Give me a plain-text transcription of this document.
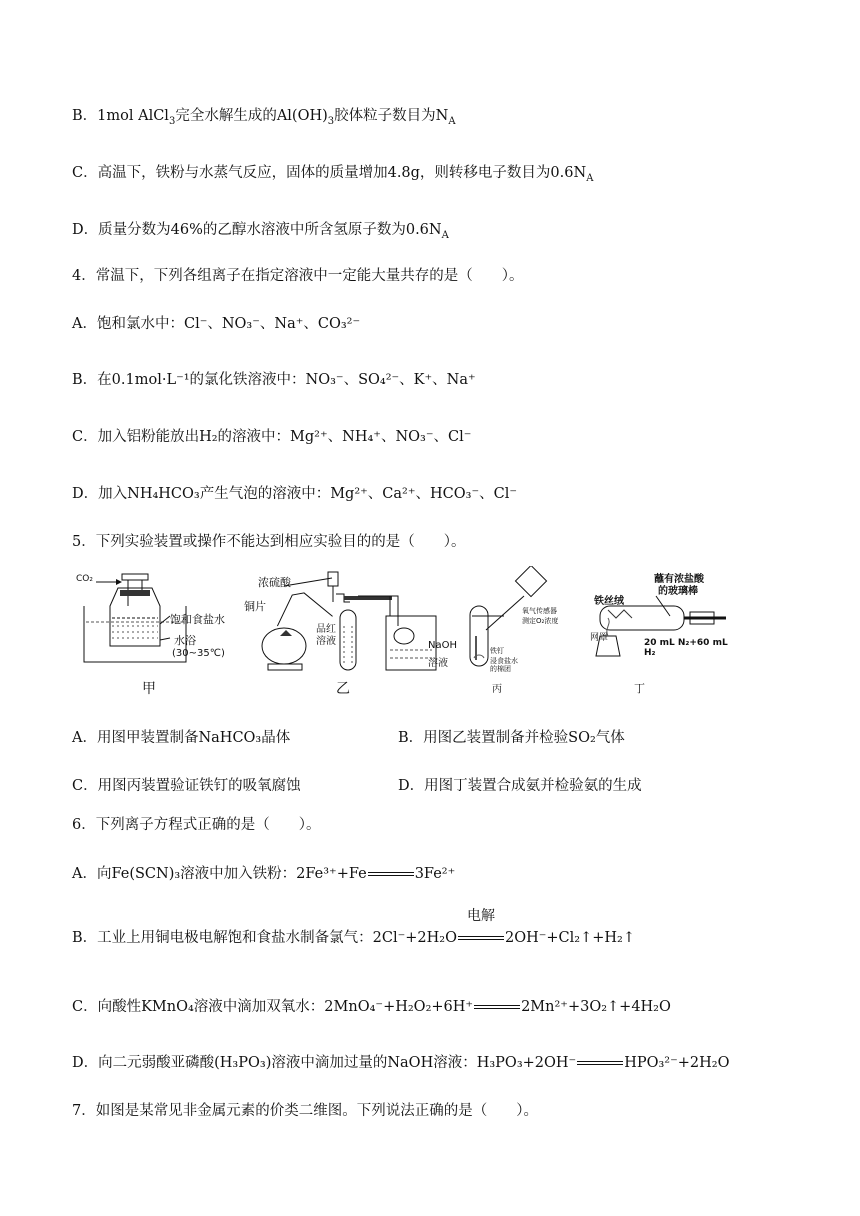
B．1mol AlCl$_3$完全水解生成的$Al(OH)_3$胶体粒子数目为$N_A$
C．高温下，铁粉与水蒸气反应，固体的质量增加4.8g，则转移电子数目为$0.6N_A$
D．质量分数为46%的乙醇水溶液中所含氢原子数为$0.6N_A$
4．常温下，下列各组离子在指定溶液中一定能大量共存的是（　　）。
A．饱和氯水中：Cl⁻、NO₃⁻、Na⁺、CO₃²⁻
B．在0.1mol·L⁻¹的氯化铁溶液中：NO₃⁻、SO₄²⁻、K⁺、Na⁺
C．加入铝粉能放出H₂的溶液中：Mg²⁺、NH₄⁺、NO₃⁻、Cl⁻
D．加入NH₄HCO₃产生气泡的溶液中：Mg²⁺、Ca²⁺、HCO₃⁻、Cl⁻
5．下列实验装置或操作不能达到相应实验目的的是（　　）。
CO₂
饱和食盐水
水浴
(30~35℃)
甲
浓硫酸
铜片
品红
溶液	NaOH
溶液
乙
氧气传感器
测定O₂浓度
铁钉
浸食盐水
的棉团
丙
蘸有浓盐酸
的玻璃棒
铁丝绒
网罩	20 mL N₂+60 mL H₂
丁
A．用图甲装置制备NaHCO₃晶体	B．用图乙装置制备并检验SO₂气体
C．用图丙装置验证铁钉的吸氧腐蚀	D．用图丁装置合成氨并检验氨的生成
6．下列离子方程式正确的是（　　）。
A．向Fe(SCN)₃溶液中加入铁粉：2Fe³⁺+Fe	3Fe²⁺
B．工业上用铜电极电解饱和食盐水制备氯气：2Cl⁻+2H₂O
电解
2OH⁻+Cl₂↑+H₂↑
C．向酸性KMnO₄溶液中滴加双氧水：2MnO₄⁻+H₂O₂+6H⁺	2Mn²⁺+3O₂↑+4H₂O
D．向二元弱酸亚磷酸(H₃PO₃)溶液中滴加过量的NaOH溶液：H₃PO₃+2OH⁻	HPO₃²⁻+2H₂O
7．如图是某常见非金属元素的价类二维图。下列说法正确的是（　　）。
